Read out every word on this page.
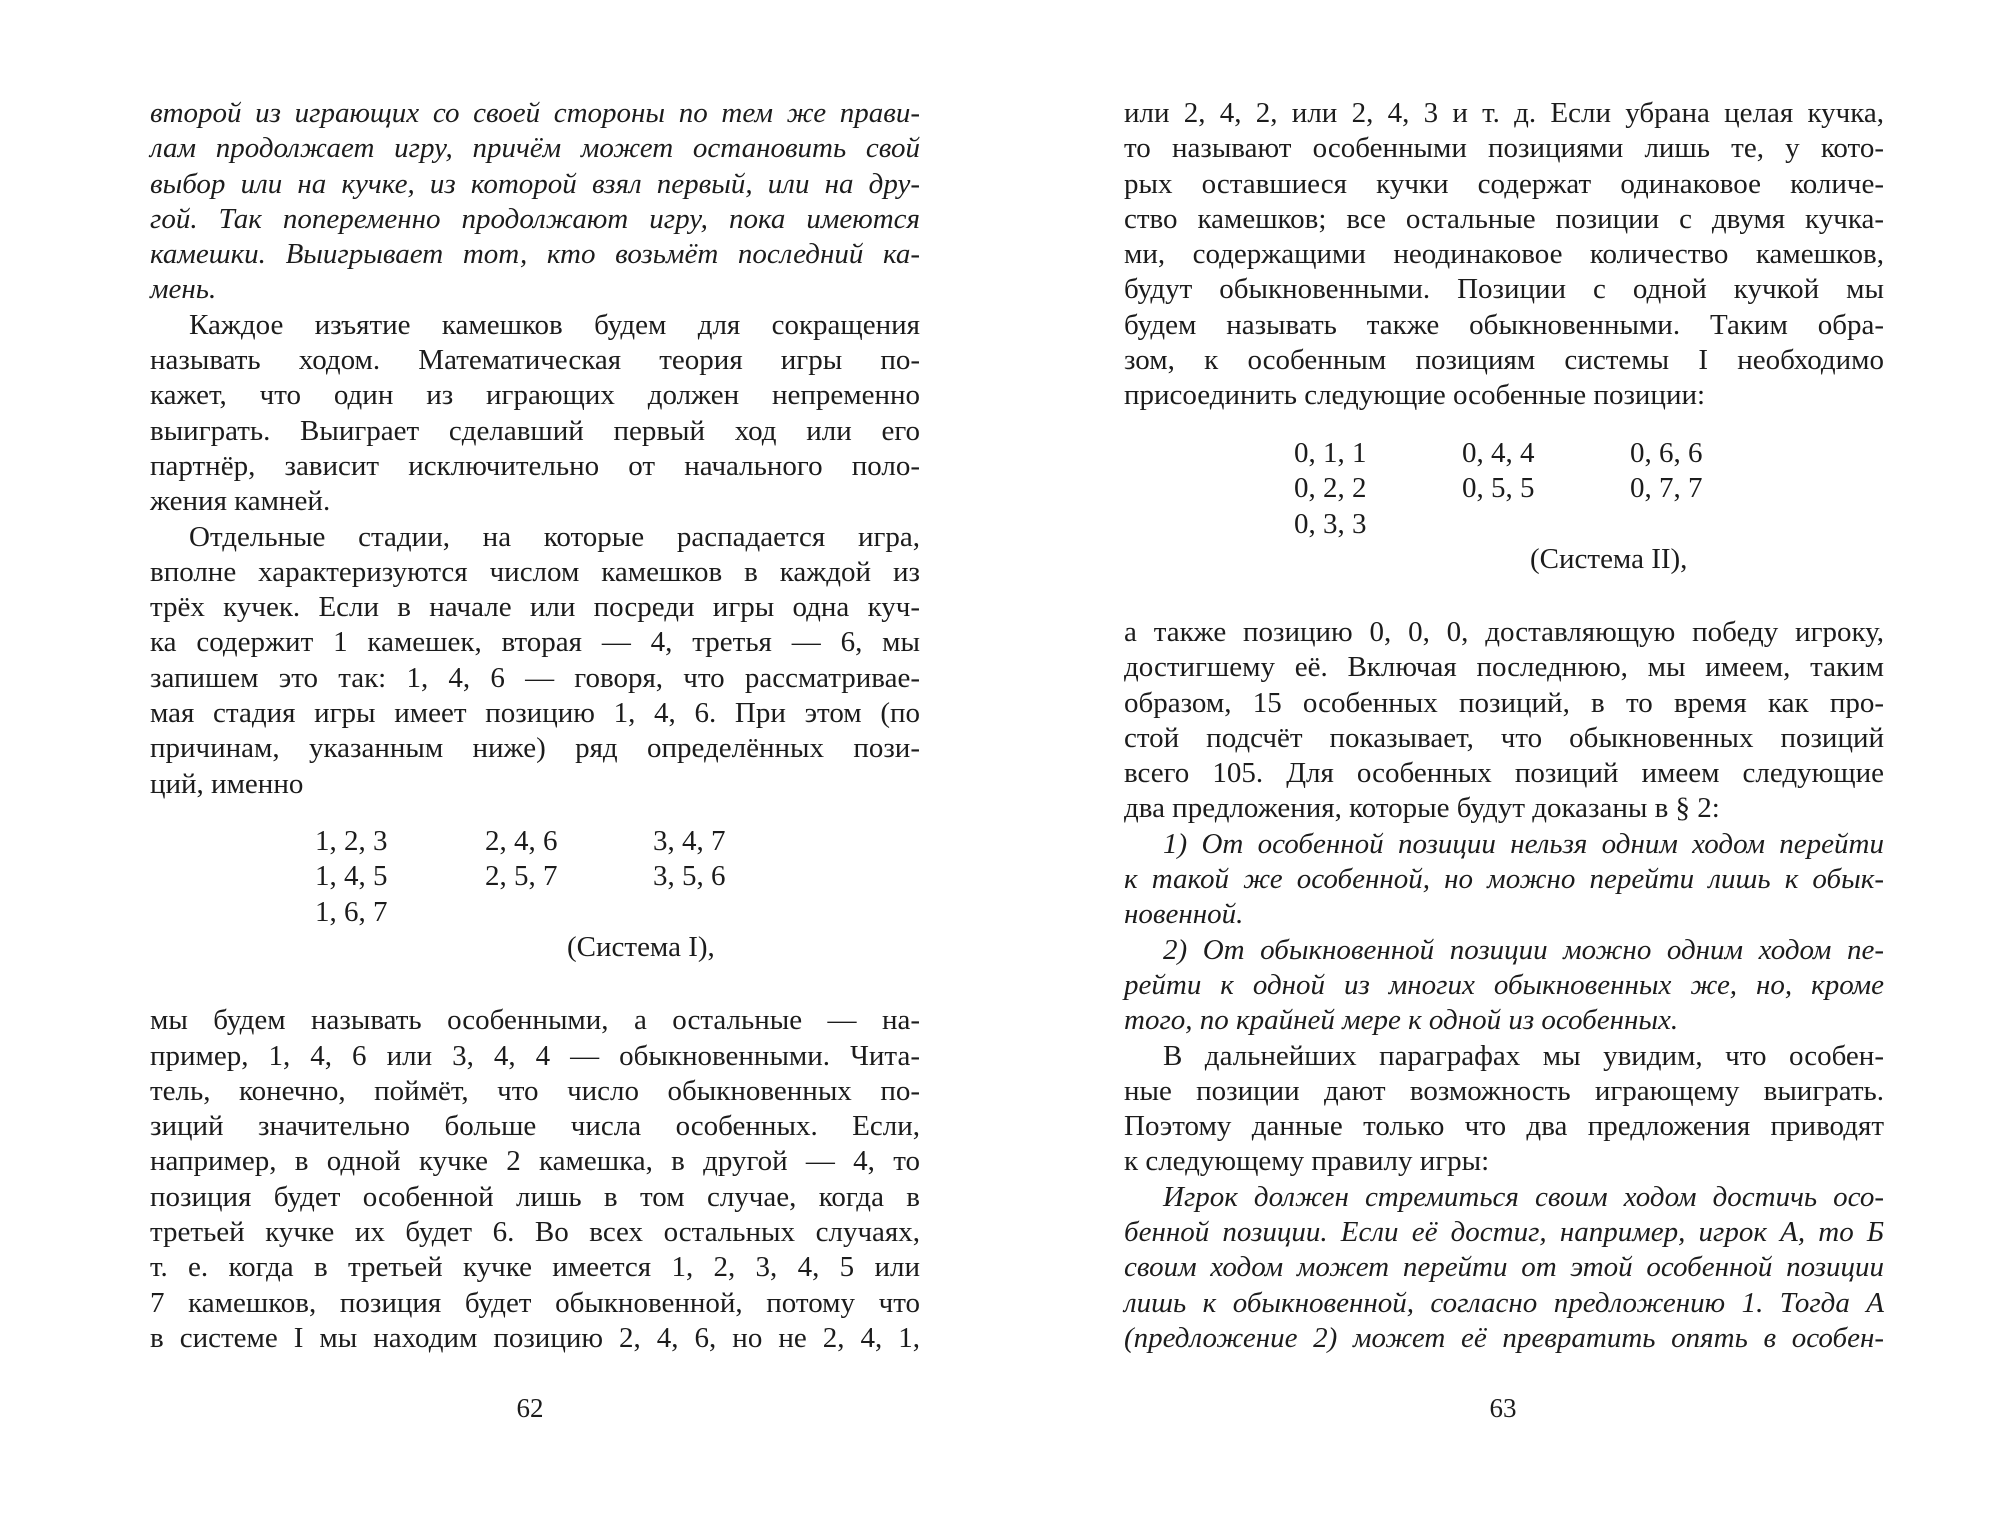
второй из играющих со своей стороны по тем же прави-
лам продолжает игру, причём может остановить свой
выбор или на кучке, из которой взял первый, или на дру-
гой. Так попеременно продолжают игру, пока имеются
камешки. Выигрывает тот, кто возьмёт последний ка-
мень.
Каждое изъятие камешков будем для сокращения
называть ходом. Математическая теория игры по-
кажет, что один из играющих должен непременно
выиграть. Выиграет сделавший первый ход или его
партнёр, зависит исключительно от начального поло-
жения камней.
Отдельные стадии, на которые распадается игра,
вполне характеризуются числом камешков в каждой из
трёх кучек. Если в начале или посреди игры одна куч-
ка содержит 1 камешек, вторая — 4, третья — 6, мы
запишем это так: 1, 4, 6 — говоря, что рассматривае-
мая стадия игры имеет позицию 1, 4, 6. При этом (по
причинам, указанным ниже) ряд определённых пози-
ций, именно
1, 2, 3	2, 4, 6	3, 4, 7
1, 4, 5	2, 5, 7	3, 5, 6
1, 6, 7
(Система I),
мы будем называть особенными, а остальные — на-
пример, 1, 4, 6 или 3, 4, 4 — обыкновенными. Чита-
тель, конечно, поймёт, что число обыкновенных по-
зиций значительно больше числа особенных. Если,
например, в одной кучке 2 камешка, в другой — 4, то
позиция будет особенной лишь в том случае, когда в
третьей кучке их будет 6. Во всех остальных случаях,
т. е. когда в третьей кучке имеется 1, 2, 3, 4, 5 или
7 камешков, позиция будет обыкновенной, потому что
в системе I мы находим позицию 2, 4, 6, но не 2, 4, 1,
62
или 2, 4, 2, или 2, 4, 3 и т. д. Если убрана целая кучка,
то называют особенными позициями лишь те, у кото-
рых оставшиеся кучки содержат одинаковое количе-
ство камешков; все остальные позиции с двумя кучка-
ми, содержащими неодинаковое количество камешков,
будут обыкновенными. Позиции с одной кучкой мы
будем называть также обыкновенными. Таким обра-
зом, к особенным позициям системы I необходимо
присоединить следующие особенные позиции:
0, 1, 1	0, 4, 4	0, 6, 6
0, 2, 2	0, 5, 5	0, 7, 7
0, 3, 3
(Система II),
а также позицию 0, 0, 0, доставляющую победу игроку,
достигшему её. Включая последнюю, мы имеем, таким
образом, 15 особенных позиций, в то время как про-
стой подсчёт показывает, что обыкновенных позиций
всего 105. Для особенных позиций имеем следующие
два предложения, которые будут доказаны в § 2:
1) От особенной позиции нельзя одним ходом перейти
к такой же особенной, но можно перейти лишь к обык-
новенной.
2) От обыкновенной позиции можно одним ходом пе-
рейти к одной из многих обыкновенных же, но, кроме
того, по крайней мере к одной из особенных.
В дальнейших параграфах мы увидим, что особен-
ные позиции дают возможность играющему выиграть.
Поэтому данные только что два предложения приводят
к следующему правилу игры:
Игрок должен стремиться своим ходом достичь осо-
бенной позиции. Если её достиг, например, игрок А, то Б
своим ходом может перейти от этой особенной позиции
лишь к обыкновенной, согласно предложению 1. Тогда А
(предложение 2) может её превратить опять в особен-
63
